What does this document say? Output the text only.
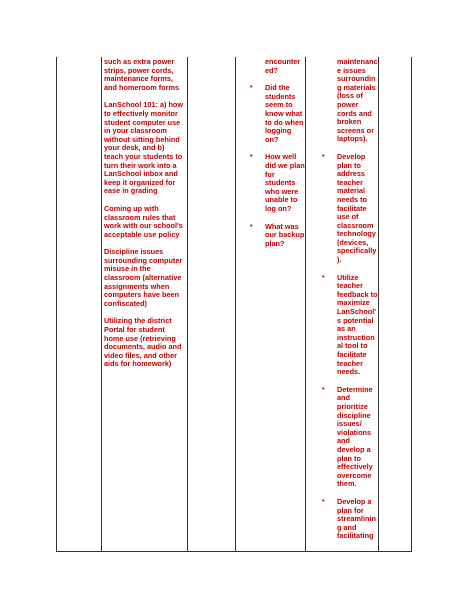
such as extra power strips, power cords, maintenance forms, and homeroom forms

LanSchool 101: a) how to effectively monitor student computer use in your classroom without sitting behind your desk, and b) teach your students to turn their work into a LanSchool inbox and keep it organized for ease in grading

Coming up with classroom rules that work with our school's acceptable use policy

Discipline issues surrounding computer misuse in the classroom (alternative assignments when computers have been confiscated)

Utilizing the district Portal for student home use (retrieving documents, audio and video files, and other aids for homework)

encounter ed?
• Did the students seem to know what to do when logging on?
• How well did we plan for students who were unable to log on?
• What was our backup plan?
maintenanc e issues surroundin g materials (loss of power cords and broken screens or laptops).
• Develop plan to address teacher material needs to facilitate use of classroom technology (devices, specifically ).
• Utilize teacher feedback to maximize LanSchool' s potential as an instruction al tool to facilitate teacher needs.
• Determine and prioritize discipline issues/ violations and develop a plan to effectively overcome them.
• Develop a plan for streamlinin g and facilitating
